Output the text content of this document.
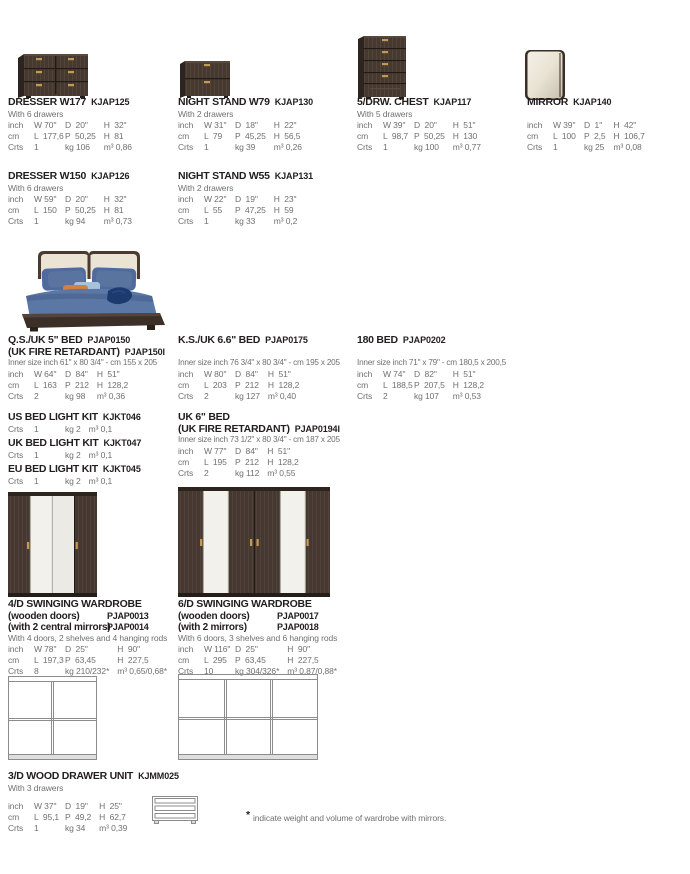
DRESSER W177 KJAP125
With 6 drawers
inch	W 70"	D  20"	H  32"
cm	L  177,6 P  50,25 H  81
Crts	1	kg 106	m³ 0,86
NIGHT STAND W79 KJAP130
With 2 drawers
inch	W 31"	D  18"	H  22"
cm	L  79	P  45,25 H  56,5
Crts	1	kg 39	m³ 0,26
5/DRW. CHEST KJAP117
With 5 drawers
inch	W 39"	D  20"	H  51"
cm	L  98,7 P  50,25 H  130
Crts	1	kg 100	m³ 0,77
MIRROR KJAP140
inch	W 39"	D  1"	H  42"
cm	L  100 P  2,5 H  106,7
Crts	1	kg 25	m³ 0,08
DRESSER W150 KJAP126
With 6 drawers
inch	W 59"	D  20"	H  32"
cm	L  150 P  50,25 H  81
Crts	1	kg 94	m³ 0,73
NIGHT STAND W55 KJAP131
With 2 drawers
inch	W 22"	D  19"	H  23"
cm	L  55	P  47,25 H  59
Crts	1	kg 33	m³ 0,2
Q.S./UK 5" BED PJAP0150
(UK FIRE RETARDANT) PJAP150I
Inner size inch 61" x 80 3/4" - cm 155 x 205
inch	W 64"	D  84"	H  51"
cm	L  163 P  212 H  128,2
Crts	2	kg 98	m³ 0,36
K.S./UK 6.6" BED PJAP0175
Inner size inch 76 3/4" x 80 3/4" - cm 195 x 205
inch	W 80"	D  84"	H  51"
cm	L  203 P  212	H  128,2
Crts	2	kg 127 m³ 0,40
180 BED PJAP0202
Inner size inch 71" x 79" - cm 180,5 x 200,5
inch	W 74"	D  82"	H  51"
cm	L  188,5 P  207,5 H  128,2
Crts	2	kg 107	m³ 0,53
US BED LIGHT KIT KJKT046
Crts	1	kg 2 m³ 0,1
UK BED LIGHT KIT KJKT047
Crts	1	kg 2 m³ 0,1
EU BED LIGHT KIT KJKT045
Crts	1	kg 2 m³ 0,1
UK 6" BED
(UK FIRE RETARDANT) PJAP0194I
Inner size inch 73 1/2" x 80 3/4" - cm 187 x 205
inch	W 77"	D  84"	H  51"
cm	L  195 P  212 H  128,2
Crts	2	kg 112 m³ 0,55
4/D SWINGING WARDROBE
(wooden doors)	PJAP0013
(with 2 central mirrors)
PJAP0014
With 4 doors, 2 shelves and 4 hanging rods
inch	W 78"	D  25"	H  90"
cm	L  197,3 P  63,45	H  227,5
Crts	8	kg 210/232* m³ 0,65/0,68*
6/D SWINGING WARDROBE
(wooden doors)	PJAP0017
(with 2 mirrors)	PJAP0018
With 6 doors, 3 shelves and 6 hanging rods
inch	W 116" D  25"	H  90"
cm	L  295 P  63,45	H  227,5
Crts	10	kg 304/326* m³ 0,87/0,88*
3/D WOOD DRAWER UNIT KJMM025
With 3 drawers
inch	W 37"	D  19"	H  25"
cm	L  95,1 P  49,2 H  62,7
Crts	1	kg 34	m³ 0,39
* indicate weight and volume of wardrobe with mirrors.
